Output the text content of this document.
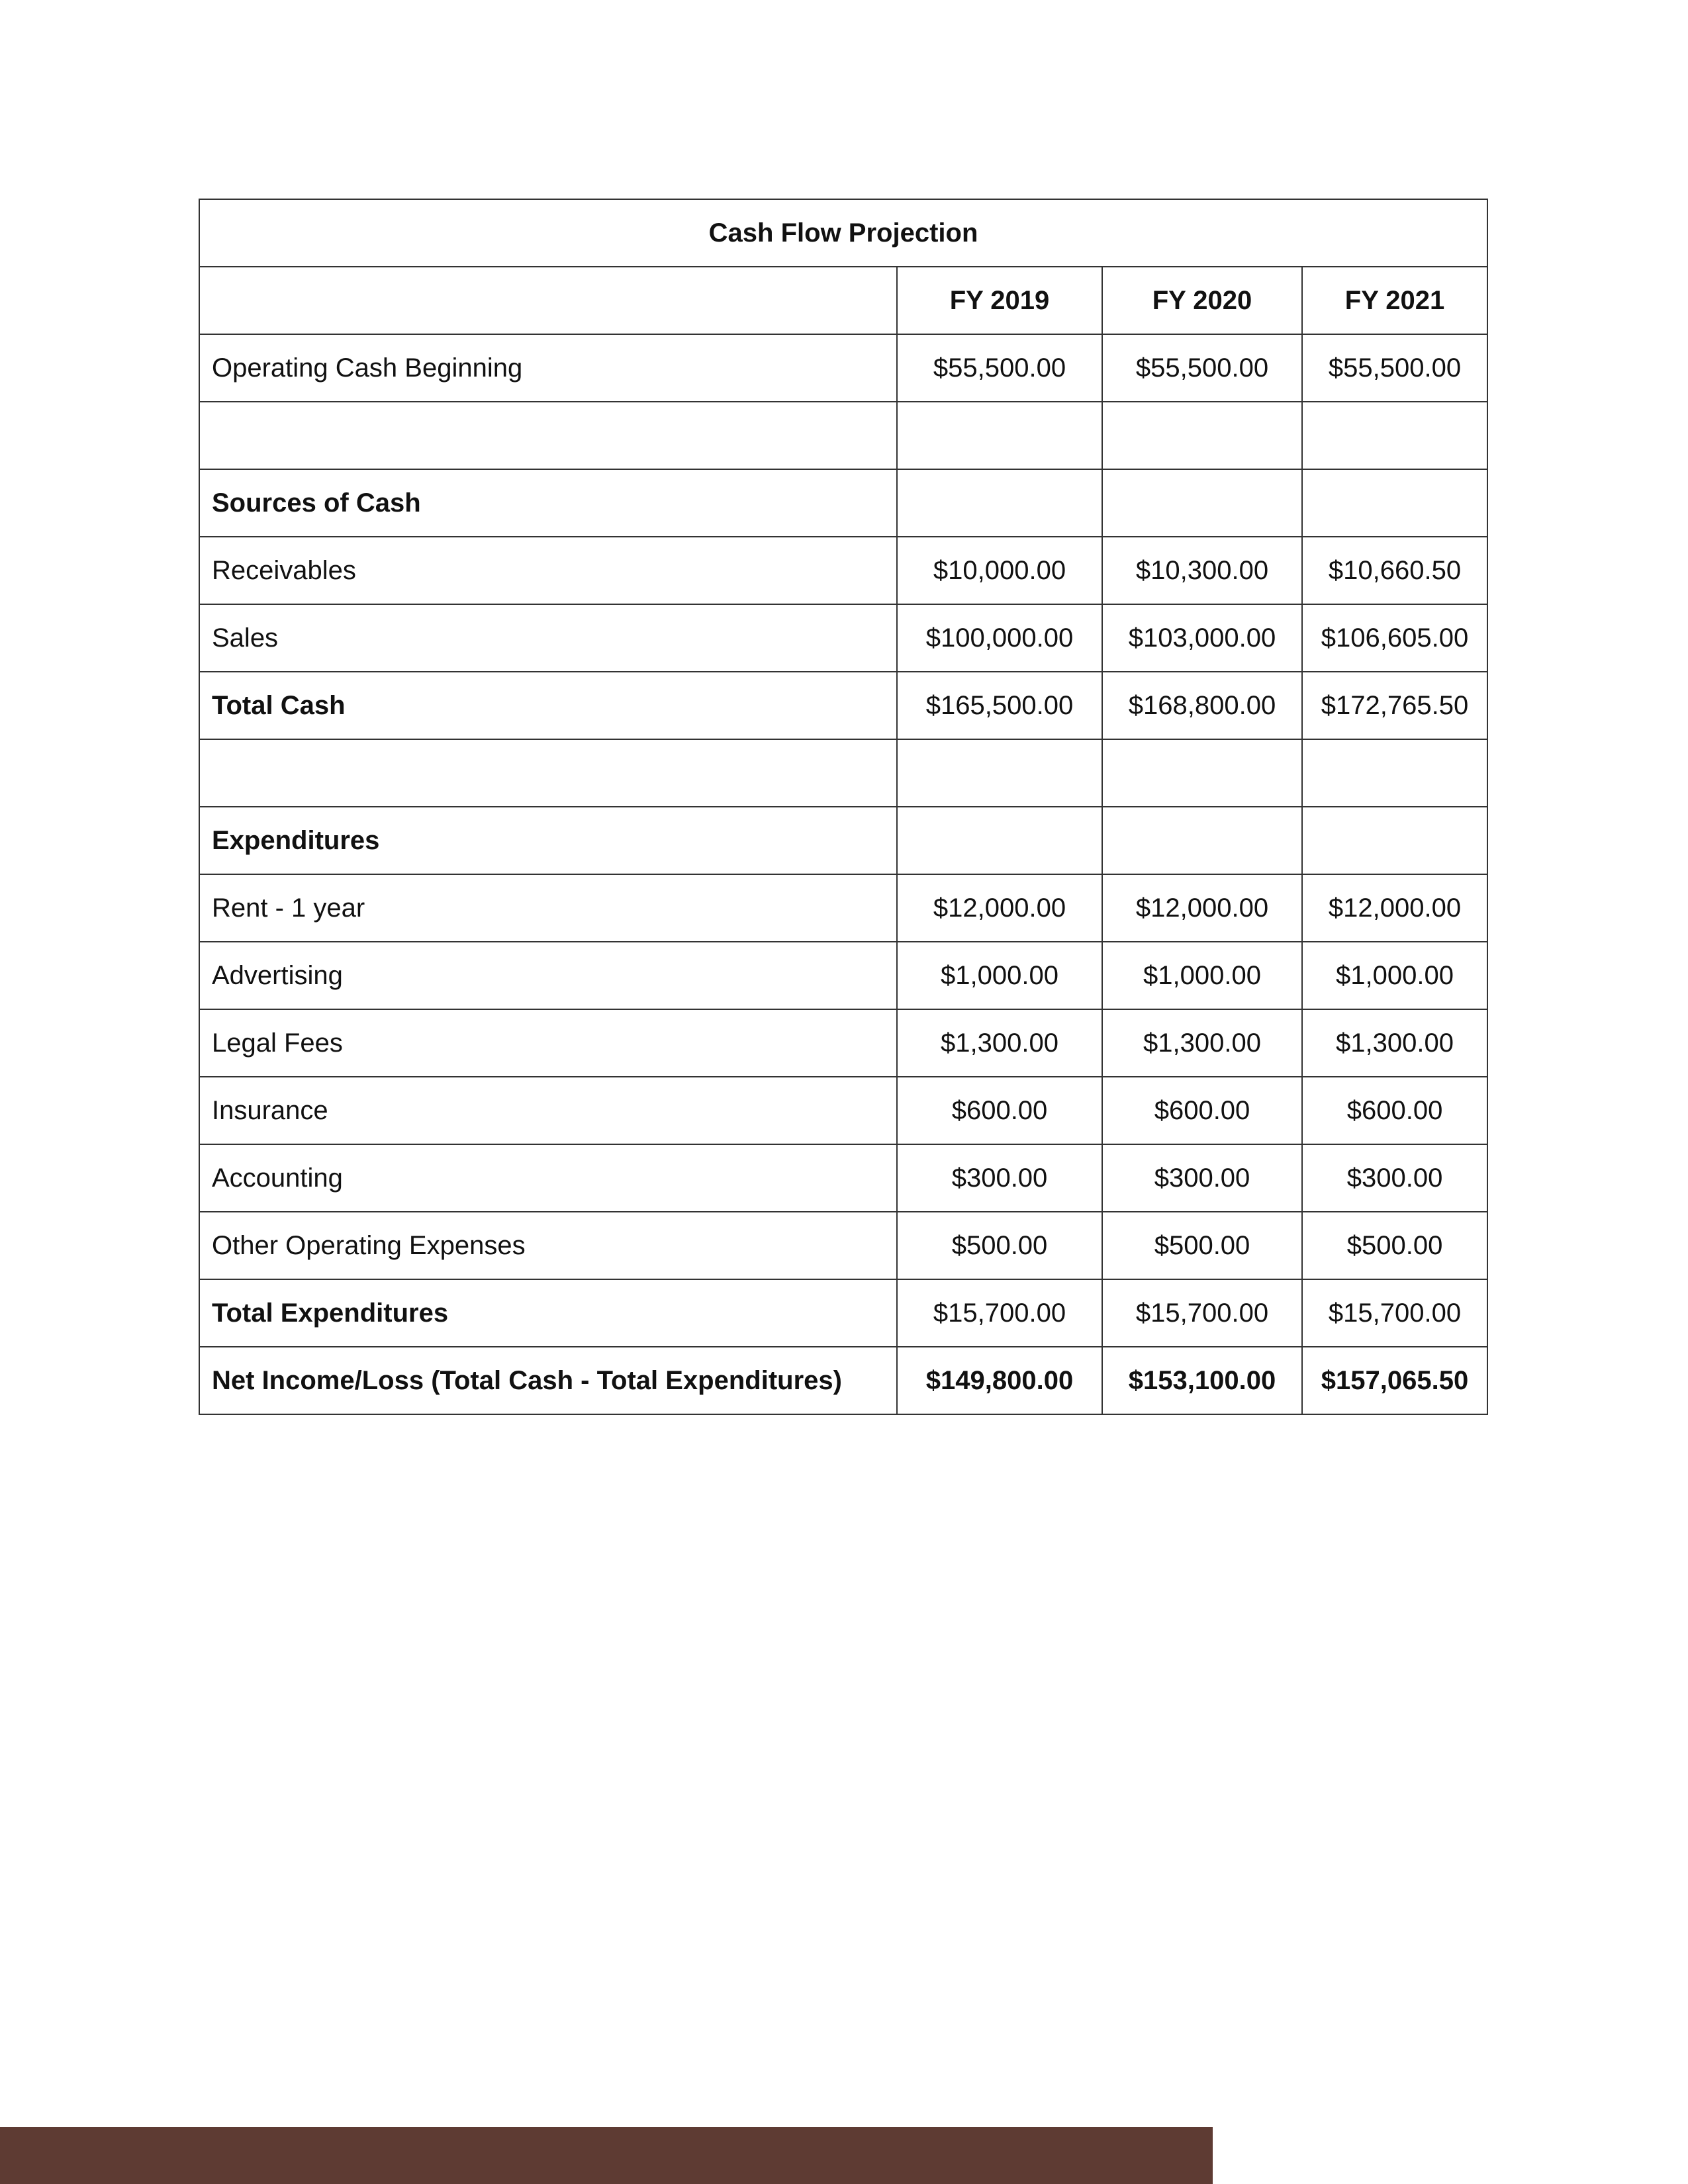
Cash Flow Projection			
	FY 2019	FY 2020	FY 2021
Operating Cash Beginning	$55,500.00	$55,500.00	$55,500.00

Sources of Cash			
Receivables	$10,000.00	$10,300.00	$10,660.50
Sales	$100,000.00	$103,000.00	$106,605.00
Total Cash	$165,500.00	$168,800.00	$172,765.50

Expenditures			
Rent - 1 year	$12,000.00	$12,000.00	$12,000.00
Advertising	$1,000.00	$1,000.00	$1,000.00
Legal Fees	$1,300.00	$1,300.00	$1,300.00
Insurance	$600.00	$600.00	$600.00
Accounting	$300.00	$300.00	$300.00
Other Operating Expenses	$500.00	$500.00	$500.00
Total Expenditures	$15,700.00	$15,700.00	$15,700.00
Net Income/Loss (Total Cash - Total Expenditures)	$149,800.00	$153,100.00	$157,065.50
